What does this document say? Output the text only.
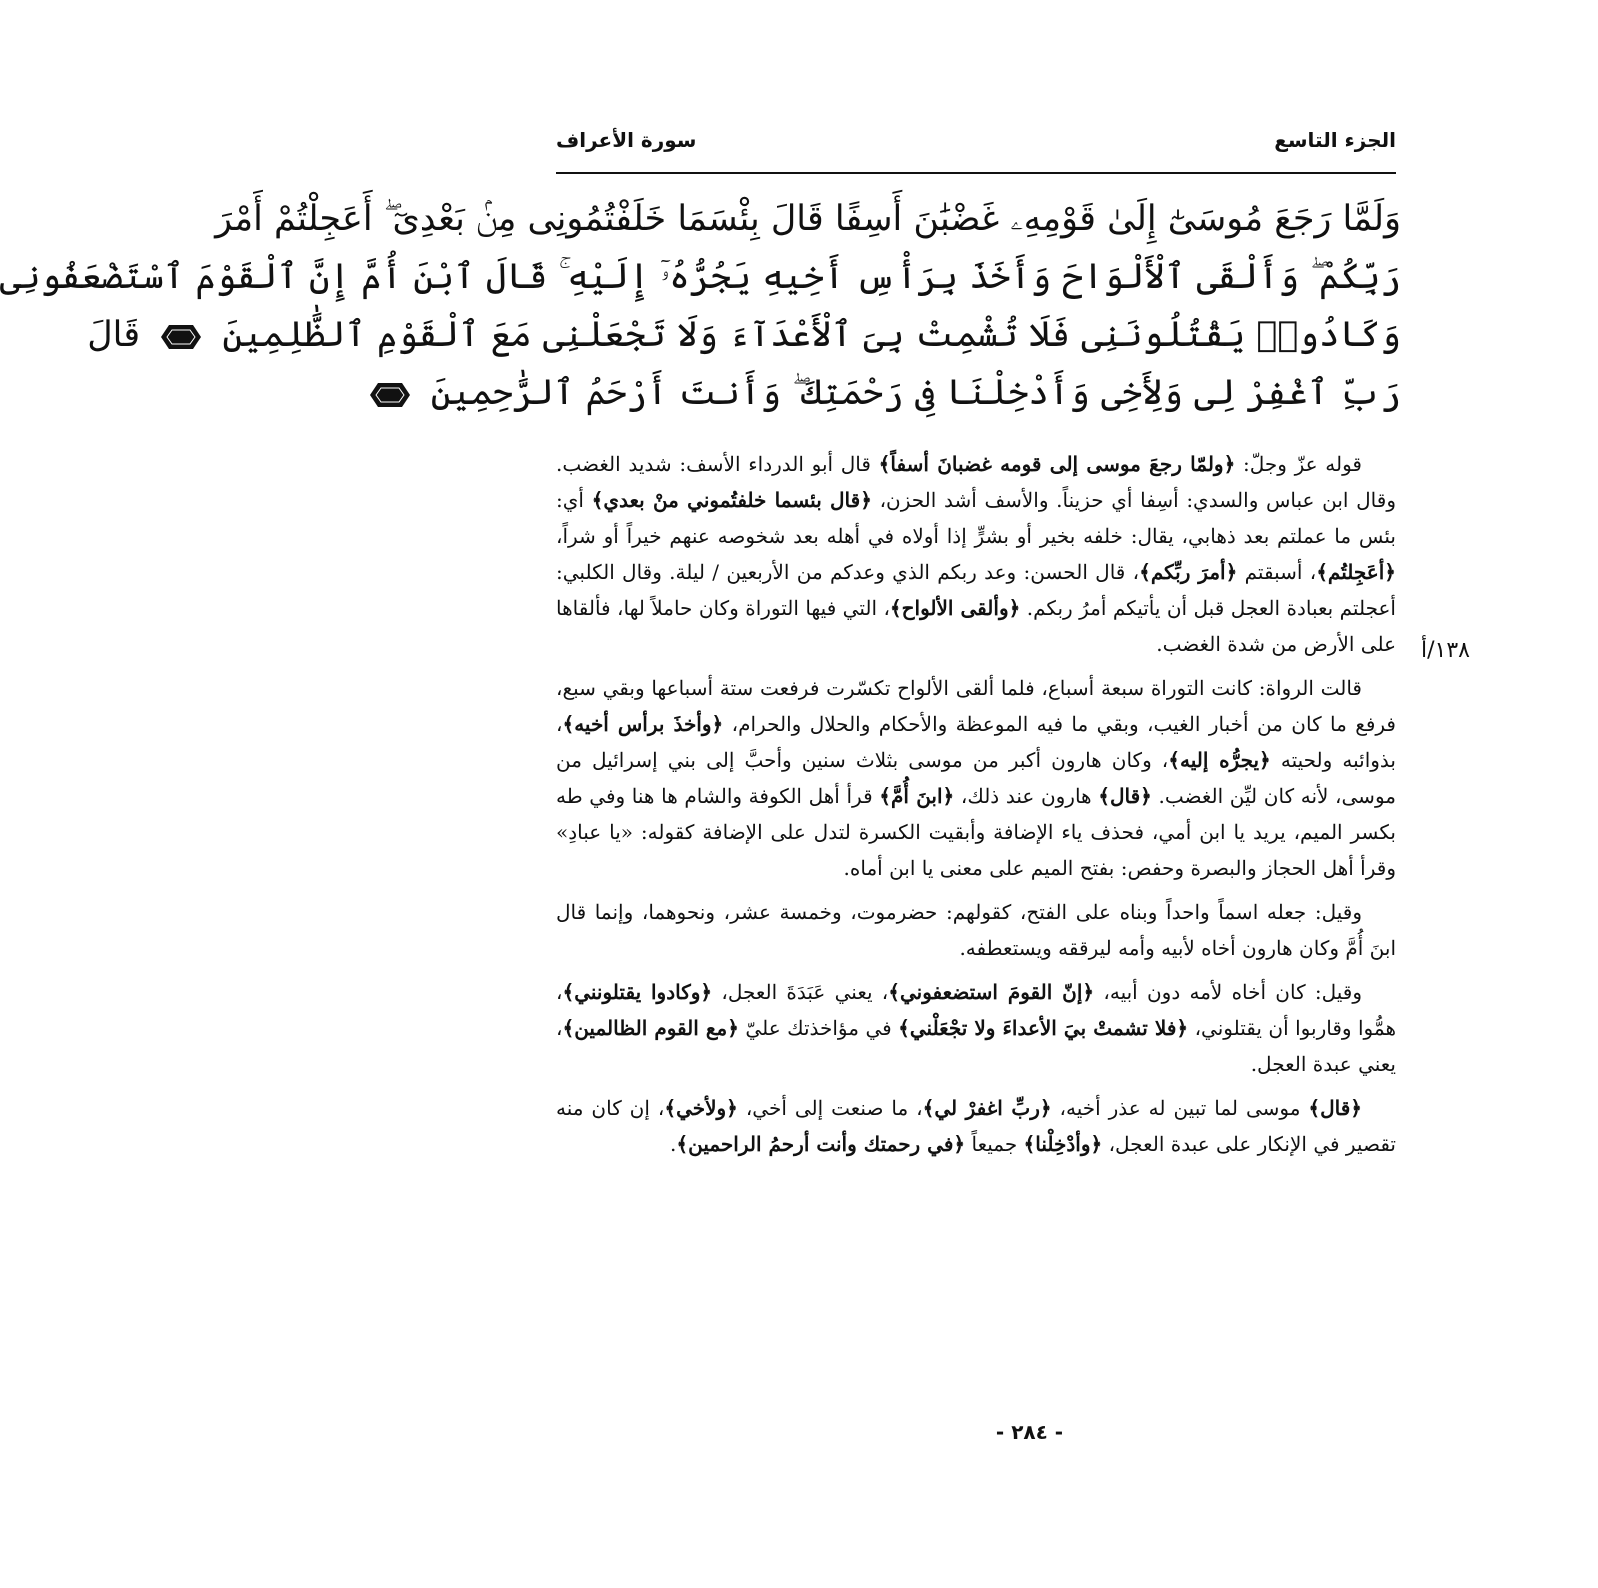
الجزء التاسع
سورة الأعراف
وَلَمَّا رَجَعَ مُوسَىٰٓ إِلَىٰ قَوْمِهِۦ غَضْبَٰنَ أَسِفًا قَالَ بِئْسَمَا خَلَفْتُمُونِى مِنۢ بَعْدِىٓ ۖ أَعَجِلْتُمْ أَمْرَ
رَبِّكُمْ ۖ وَأَلْقَى ٱلْأَلْوَاحَ وَأَخَذَ بِرَأْسِ أَخِيهِ يَجُرُّهُۥٓ إِلَيْهِ ۚ قَالَ ٱبْنَ أُمَّ إِنَّ ٱلْقَوْمَ ٱسْتَضْعَفُونِى
وَكَادُوا۟ يَقْتُلُونَنِى فَلَا تُشْمِتْ بِىَ ٱلْأَعْدَآءَ وَلَا تَجْعَلْنِى مَعَ ٱلْقَوْمِ ٱلظَّٰلِمِينَ
١٥٠
قَالَ
رَبِّ ٱغْفِرْ لِى وَلِأَخِى وَأَدْخِلْنَا فِى رَحْمَتِكَ ۖ وَأَنتَ أَرْحَمُ ٱلرَّٰحِمِينَ
١٥١
١٣٨/أ

قوله عزّ وجلّ: ﴿ولمّا رجعَ موسى إلى قومه غضبانَ أسفاً﴾ قال أبو الدرداء الأسف: شديد الغضب. وقال ابن عباس والسدي: أسِفا أي حزيناً. والأسف أشد الحزن، ﴿قال بئسما خلفتُموني منْ بعدي﴾ أي: بئس ما عملتم بعد ذهابي، يقال: خلفه بخير أو بشرٍّ إذا أولاه في أهله بعد شخوصه عنهم خيراً أو شراً، ﴿أعَجِلتُم﴾، أسبقتم ﴿أمرَ ربِّكم﴾، قال الحسن: وعد ربكم الذي وعدكم من الأربعين / ليلة. وقال الكلبي: أعجلتم بعبادة العجل قبل أن يأتيكم أمرُ ربكم. ﴿وألقى الألواح﴾، التي فيها التوراة وكان حاملاً لها، فألقاها على الأرض من شدة الغضب.

قالت الرواة: كانت التوراة سبعة أسباع، فلما ألقى الألواح تكسّرت فرفعت ستة أسباعها وبقي سبع، فرفع ما كان من أخبار الغيب، وبقي ما فيه الموعظة والأحكام والحلال والحرام، ﴿وأخذَ برأس أخيه﴾، بذوائبه ولحيته ﴿يجرُّه إليه﴾، وكان هارون أكبر من موسى بثلاث سنين وأحبَّ إلى بني إسرائيل من موسى، لأنه كان ليِّن الغضب. ﴿قال﴾ هارون عند ذلك، ﴿ابنَ أُمَّ﴾ قرأ أهل الكوفة والشام ها هنا وفي طه بكسر الميم، يريد يا ابن أمي، فحذف ياء الإضافة وأبقيت الكسرة لتدل على الإضافة كقوله: «يا عبادِ» وقرأ أهل الحجاز والبصرة وحفص: بفتح الميم على معنى يا ابن أماه.

وقيل: جعله اسماً واحداً وبناه على الفتح، كقولهم: حضرموت، وخمسة عشر، ونحوهما، وإنما قال ابنَ أُمَّ وكان هارون أخاه لأبيه وأمه ليرققه ويستعطفه.

وقيل: كان أخاه لأمه دون أبيه، ﴿إنّ القومَ استضعفوني﴾، يعني عَبَدَةَ العجل، ﴿وكادوا يقتلونني﴾، همُّوا وقاربوا أن يقتلوني، ﴿فلا تشمتْ بيَ الأعداءَ ولا تجْعَلْني﴾ في مؤاخذتك عليّ ﴿مع القوم الظالمين﴾، يعني عبدة العجل.

﴿قال﴾ موسى لما تبين له عذر أخيه، ﴿ربِّ اغفرْ لي﴾، ما صنعت إلى أخي، ﴿ولأخي﴾، إن كان منه تقصير في الإنكار على عبدة العجل، ﴿وأدْخِلْنا﴾ جميعاً ﴿في رحمتك وأنت أرحمُ الراحمين﴾.

- ٢٨٤ -
